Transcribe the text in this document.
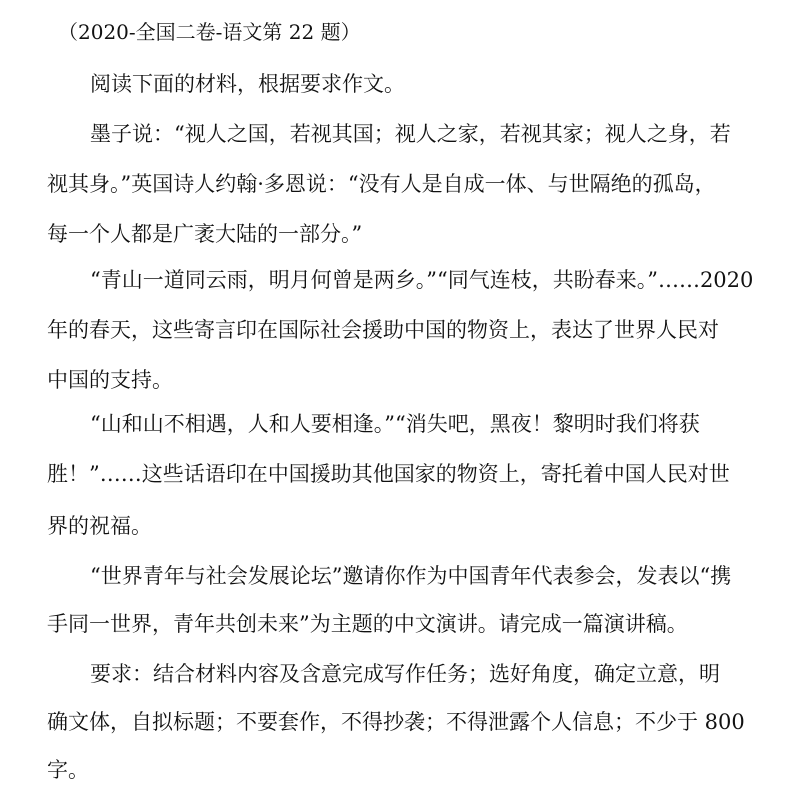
（2020-全国二卷-语文第 22 题）
阅读下面的材料，根据要求作文。
墨子说：“视人之国，若视其国；视人之家，若视其家；视人之身，若
视其身。”英国诗人约翰·多恩说：“没有人是自成一体、与世隔绝的孤岛，
每一个人都是广袤大陆的一部分。”
“青山一道同云雨，明月何曾是两乡。”“同气连枝，共盼春来。”……2020
年的春天，这些寄言印在国际社会援助中国的物资上，表达了世界人民对
中国的支持。
“山和山不相遇，人和人要相逢。”“消失吧，黑夜！黎明时我们将获
胜！”……这些话语印在中国援助其他国家的物资上，寄托着中国人民对世
界的祝福。
“世界青年与社会发展论坛”邀请你作为中国青年代表参会，发表以“携
手同一世界，青年共创未来”为主题的中文演讲。请完成一篇演讲稿。
要求：结合材料内容及含意完成写作任务；选好角度，确定立意，明
确文体，自拟标题；不要套作，不得抄袭；不得泄露个人信息；不少于 800
字。
